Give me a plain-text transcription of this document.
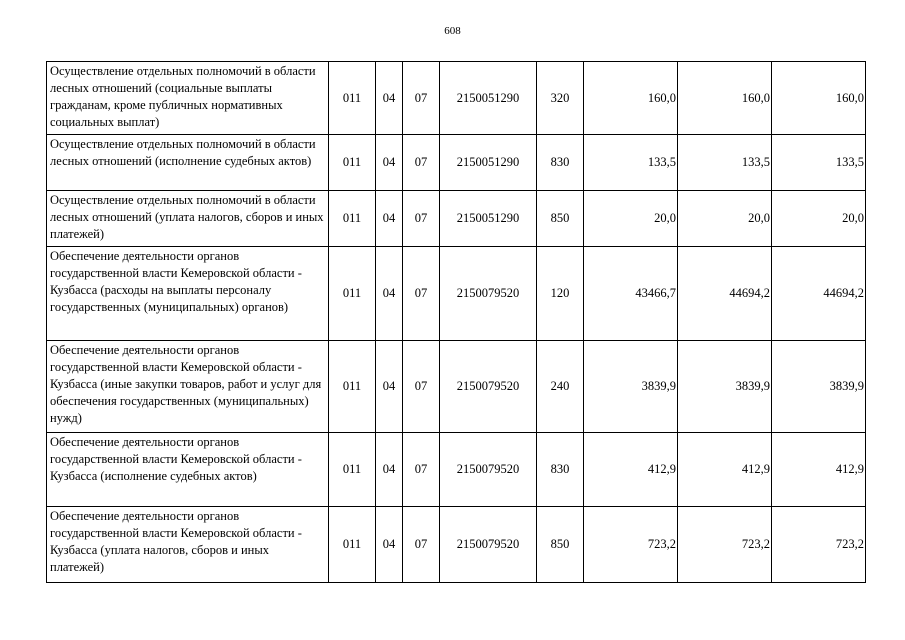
608
Осуществление отдельных полномочий в области лесных отношений (социальные выплаты гражданам, кроме публичных нормативных социальных выплат)	011	04	07	2150051290	320	160,0	160,0	160,0
Осуществление отдельных полномочий в области лесных отношений (исполнение судебных актов)	011	04	07	2150051290	830	133,5	133,5	133,5
Осуществление отдельных полномочий в области лесных отношений (уплата налогов, сборов и иных платежей)	011	04	07	2150051290	850	20,0	20,0	20,0
Обеспечение деятельности органов государственной власти Кемеровской области - Кузбасса (расходы на выплаты персоналу государственных (муниципальных) органов)	011	04	07	2150079520	120	43466,7	44694,2	44694,2
Обеспечение деятельности органов государственной власти Кемеровской области - Кузбасса (иные закупки товаров, работ и услуг для обеспечения государственных (муниципальных) нужд)	011	04	07	2150079520	240	3839,9	3839,9	3839,9
Обеспечение деятельности органов государственной власти Кемеровской области - Кузбасса (исполнение судебных актов)	011	04	07	2150079520	830	412,9	412,9	412,9
Обеспечение деятельности органов государственной власти Кемеровской области - Кузбасса (уплата налогов, сборов и иных платежей)	011	04	07	2150079520	850	723,2	723,2	723,2
